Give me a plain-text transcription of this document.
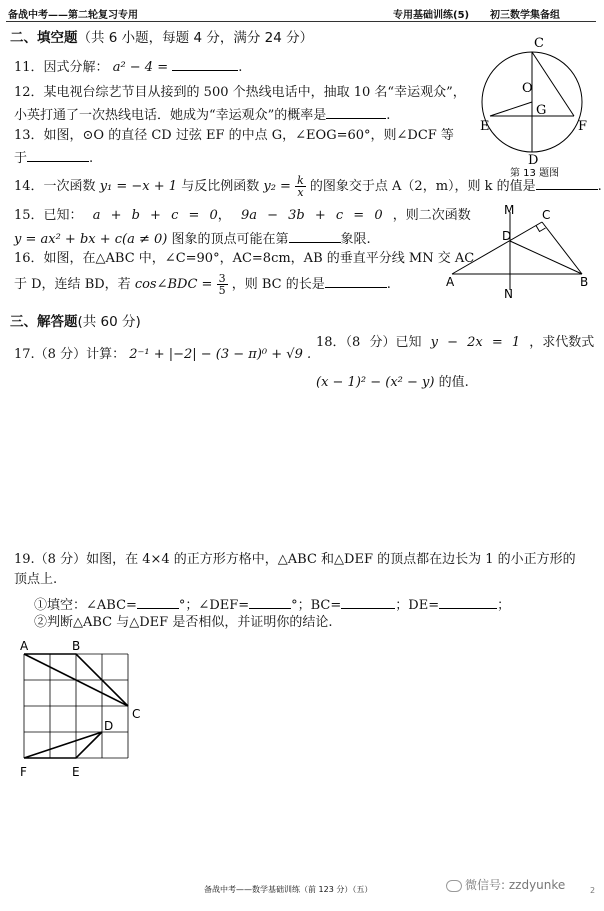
备战中考——第二轮复习专用	专用基础训练(5) 初三数学集备组
二、填空题（共 6 小题，每题 4 分，满分 24 分）
11．因式分解： a² − 4 =	.
12．某电视台综艺节目从接到的 500 个热线电话中，抽取 10 名“幸运观众”，
小英打通了一次热线电话．她成为“幸运观众”的概率是	.
13．如图，⊙O 的直径 CD 过弦 EF 的中点 G，∠EOG=60°，则∠DCF 等
于	.
C
O
G
E	F
D
第 13 题图
14．一次函数 y₁ = −x + 1 与反比例函数 $y_2 = \frac{k}{x}$ 的图象交于点 A（2，m），则 k 的值是	.
15．已知： a + b + c = 0， 9a − 3b + c = 0 ，则二次函数
y = ax² + bx + c(a ≠ 0) 图象的顶点可能在第	象限.
16．如图，在△ABC 中，∠C=90°，AC=8cm，AB 的垂直平分线 MN 交 AC
于 D，连结 BD，若 cos∠BDC = $\frac{3}{5}$ ，则 BC 的长是	.
M C
D
A
N
B
三、解答题(共 60 分)
17.（8 分）计算： 2⁻¹ + |−2| − (3 − π)⁰ + √9 .
18．（8 分）已知 y − 2x = 1 ，求代数式
(x − 1)² − (x² − y) 的值.
19.（8 分）如图，在 4×4 的正方形方格中，△ABC 和△DEF 的顶点都在边长为 1 的小正方形的
顶点上.
①填空：∠ABC=	°；∠DEF=	°；BC=	；DE=	；
②判断△ABC 与△DEF 是否相似，并证明你的结论.
A	B
C
D
F	E
备战中考——数学基础训练（前 123 分）（五）	微信号: zzdyunke	2
